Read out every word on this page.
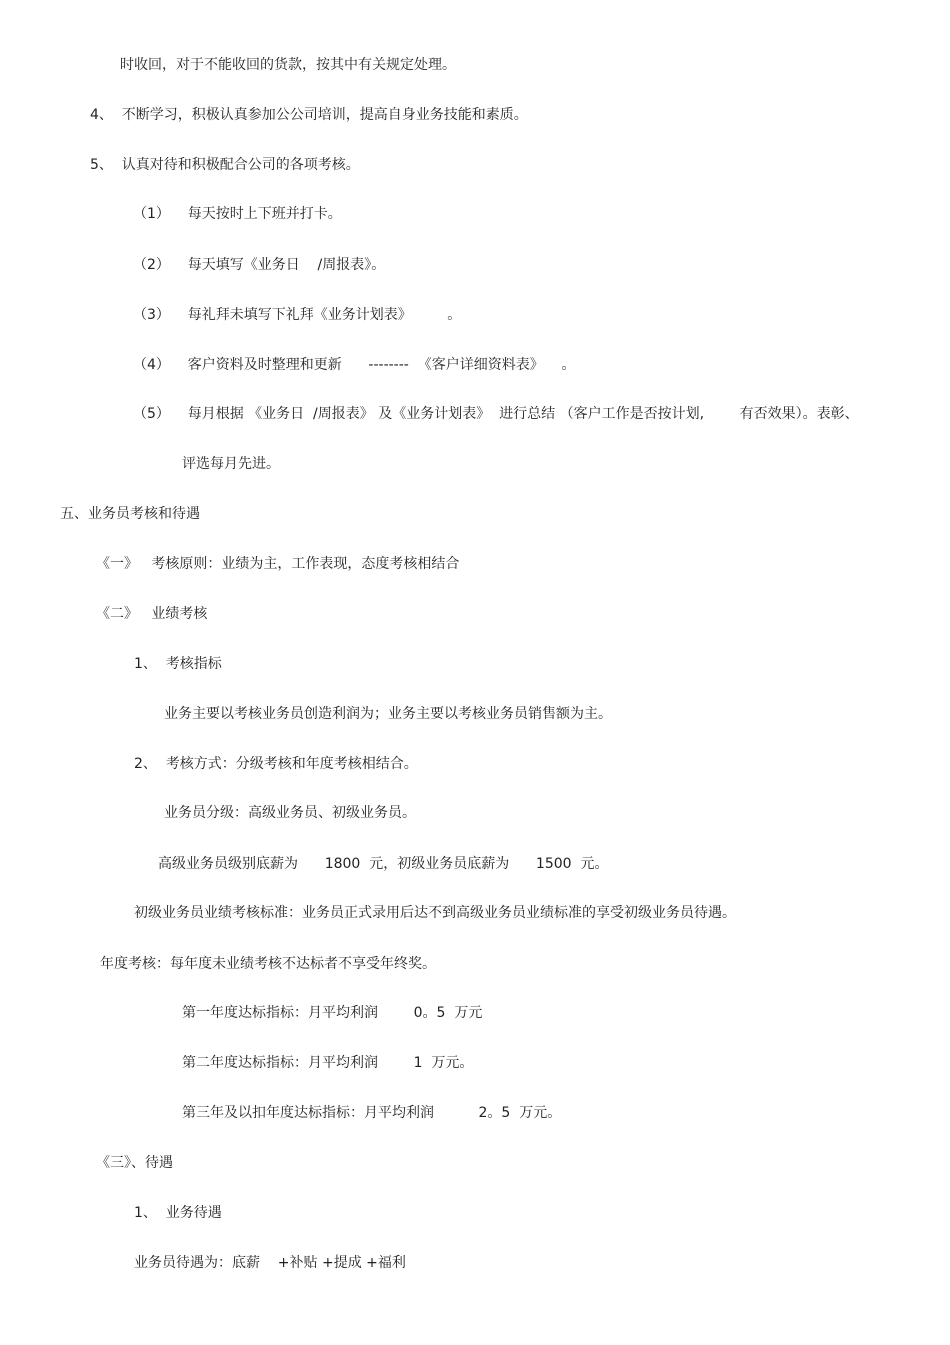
时收回，对于不能收回的货款，按其中有关规定处理。
4、  不断学习，积极认真参加公公司培训，提高自身业务技能和素质。
5、  认真对待和积极配合公司的各项考核。
（1）    每天按时上下班并打卡。
（2）    每天填写《业务日    /周报表》。
（3）    每礼拜未填写下礼拜《业务计划表》        。
（4）    客户资料及时整理和更新      --------  《客户详细资料表》    。
（5）    每月根据 《业务日  /周报表》 及《业务计划表》  进行总结 （客户工作是否按计划,        有否效果）。表彰、
评选每月先进。
五、业务员考核和待遇
《一》   考核原则：业绩为主，工作表现，态度考核相结合
《二》   业绩考核
1、  考核指标
业务主要以考核业务员创造利润为；业务主要以考核业务员销售额为主。
2、  考核方式：分级考核和年度考核相结合。
业务员分级：高级业务员、初级业务员。
高级业务员级别底薪为      1800  元，初级业务员底薪为      1500  元。
初级业务员业绩考核标准：业务员正式录用后达不到高级业务员业绩标准的享受初级业务员待遇。
年度考核：每年度未业绩考核不达标者不享受年终奖。
第一年度达标指标：月平均利润        0。5  万元
第二年度达标指标：月平均利润        1  万元。
第三年及以扣年度达标指标：月平均利润          2。5  万元。
《三》、待遇
1、  业务待遇
业务员待遇为：底薪    +补贴 +提成 +福利
